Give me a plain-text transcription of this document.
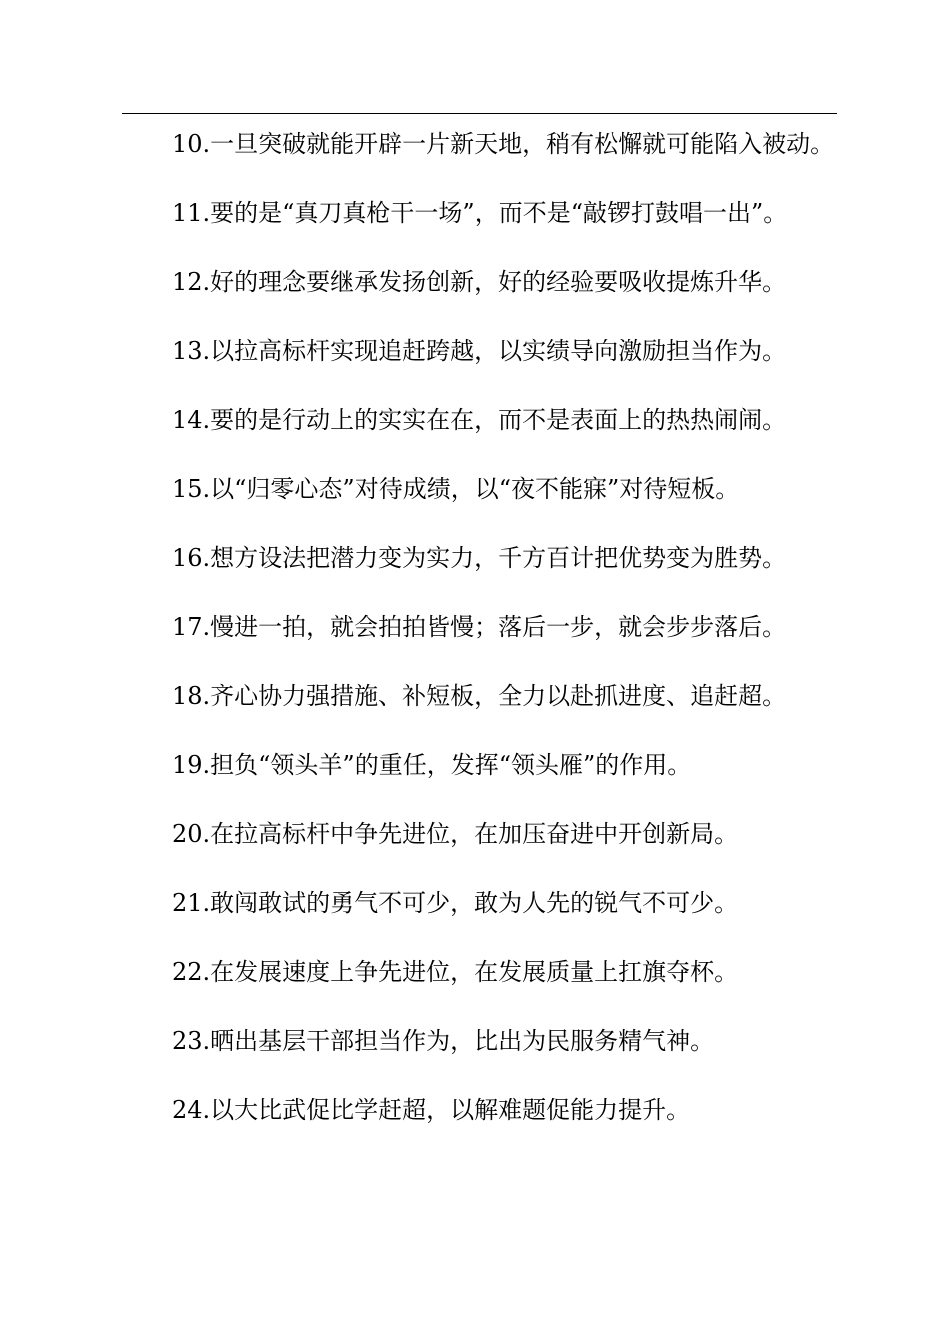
10.一旦突破就能开辟一片新天地，稍有松懈就可能陷入被动。

11.要的是“真刀真枪干一场”，而不是“敲锣打鼓唱一出”。

12.好的理念要继承发扬创新，好的经验要吸收提炼升华。

13.以拉高标杆实现追赶跨越，以实绩导向激励担当作为。

14.要的是行动上的实实在在，而不是表面上的热热闹闹。

15.以“归零心态”对待成绩，以“夜不能寐”对待短板。

16.想方设法把潜力变为实力，千方百计把优势变为胜势。

17.慢进一拍，就会拍拍皆慢；落后一步，就会步步落后。

18.齐心协力强措施、补短板，全力以赴抓进度、追赶超。

19.担负“领头羊”的重任，发挥“领头雁”的作用。

20.在拉高标杆中争先进位，在加压奋进中开创新局。

21.敢闯敢试的勇气不可少，敢为人先的锐气不可少。

22.在发展速度上争先进位，在发展质量上扛旗夺杯。

23.晒出基层干部担当作为，比出为民服务精气神。

24.以大比武促比学赶超，以解难题促能力提升。
